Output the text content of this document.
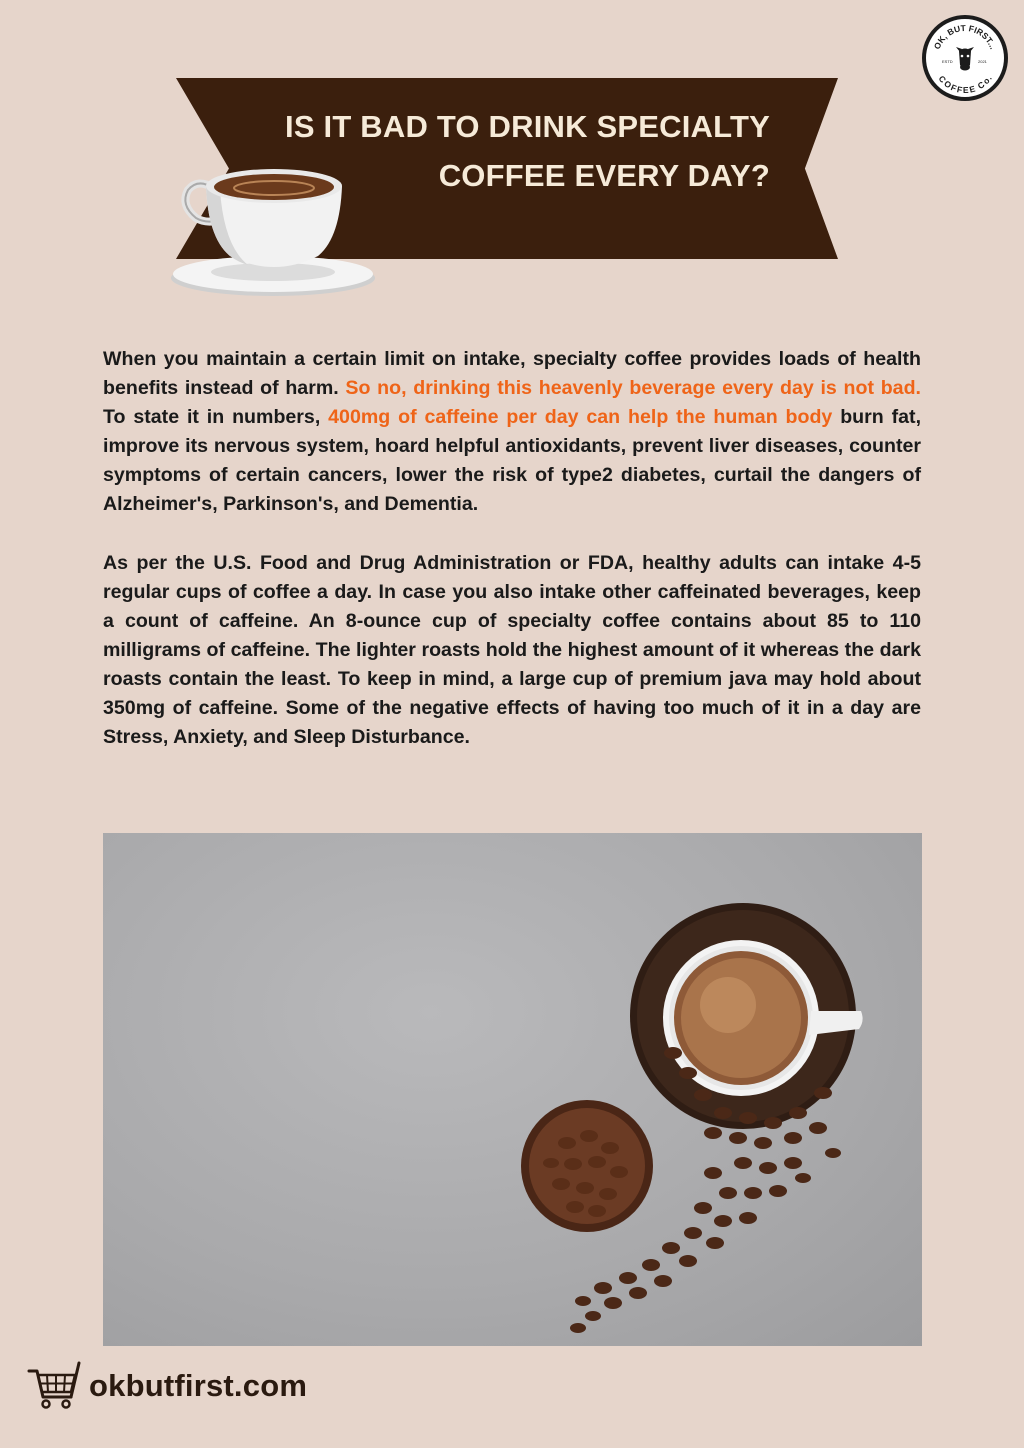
OK, BUT FIRST...
COFFEE Co.
ESTD	2021
IS IT BAD TO DRINK SPECIALTY
COFFEE EVERY DAY?
When you maintain a certain limit on intake, specialty coffee provides loads of health benefits instead of harm. So no, drinking this heavenly beverage every day is not bad. To state it in numbers, 400mg of caffeine per day can help the human body burn fat, improve its nervous system, hoard helpful antioxidants, prevent liver diseases, counter symptoms of certain cancers, lower the risk of type2 diabetes, curtail the dangers of Alzheimer's, Parkinson's, and Dementia.
As per the U.S. Food and Drug Administration or FDA, healthy adults can intake 4-5 regular cups of coffee a day. In case you also intake other caffeinated beverages, keep a count of caffeine. An 8-ounce cup of specialty coffee contains about 85 to 110 milligrams of caffeine. The lighter roasts hold the highest amount of it whereas the dark roasts contain the least. To keep in mind, a large cup of premium java may hold about 350mg of caffeine. Some of the negative effects of having too much of it in a day are Stress, Anxiety, and Sleep Disturbance.
okbutfirst.com
